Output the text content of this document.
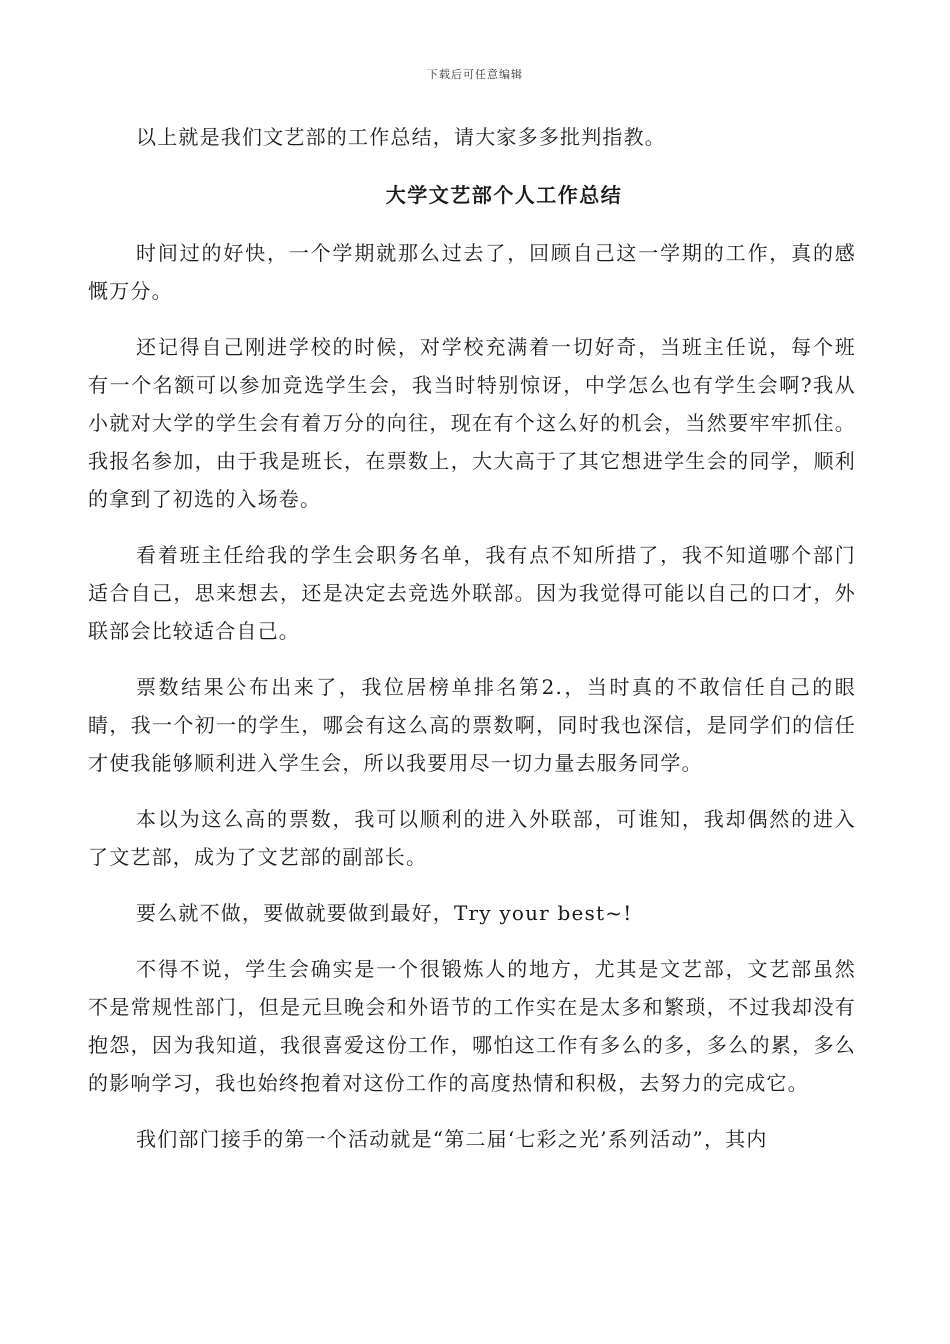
下载后可任意编辑

以上就是我们文艺部的工作总结，请大家多多批判指教。

大学文艺部个人工作总结

时间过的好快，一个学期就那么过去了，回顾自己这一学期的工作，真的感慨万分。

还记得自己刚进学校的时候，对学校充满着一切好奇，当班主任说，每个班有一个名额可以参加竞选学生会，我当时特别惊讶，中学怎么也有学生会啊?我从小就对大学的学生会有着万分的向往，现在有个这么好的机会，当然要牢牢抓住。我报名参加，由于我是班长，在票数上，大大高于了其它想进学生会的同学，顺利的拿到了初选的入场卷。

看着班主任给我的学生会职务名单，我有点不知所措了，我不知道哪个部门适合自己，思来想去，还是决定去竞选外联部。因为我觉得可能以自己的口才，外联部会比较适合自己。

票数结果公布出来了，我位居榜单排名第2.，当时真的不敢信任自己的眼睛，我一个初一的学生，哪会有这么高的票数啊，同时我也深信，是同学们的信任才使我能够顺利进入学生会，所以我要用尽一切力量去服务同学。

本以为这么高的票数，我可以顺利的进入外联部，可谁知，我却偶然的进入了文艺部，成为了文艺部的副部长。

要么就不做，要做就要做到最好，Try your best~!

不得不说，学生会确实是一个很锻炼人的地方，尤其是文艺部，文艺部虽然不是常规性部门，但是元旦晚会和外语节的工作实在是太多和繁琐，不过我却没有抱怨，因为我知道，我很喜爱这份工作，哪怕这工作有多么的多，多么的累，多么的影响学习，我也始终抱着对这份工作的高度热情和积极，去努力的完成它。

我们部门接手的第一个活动就是“第二届‘七彩之光’系列活动”，其内
